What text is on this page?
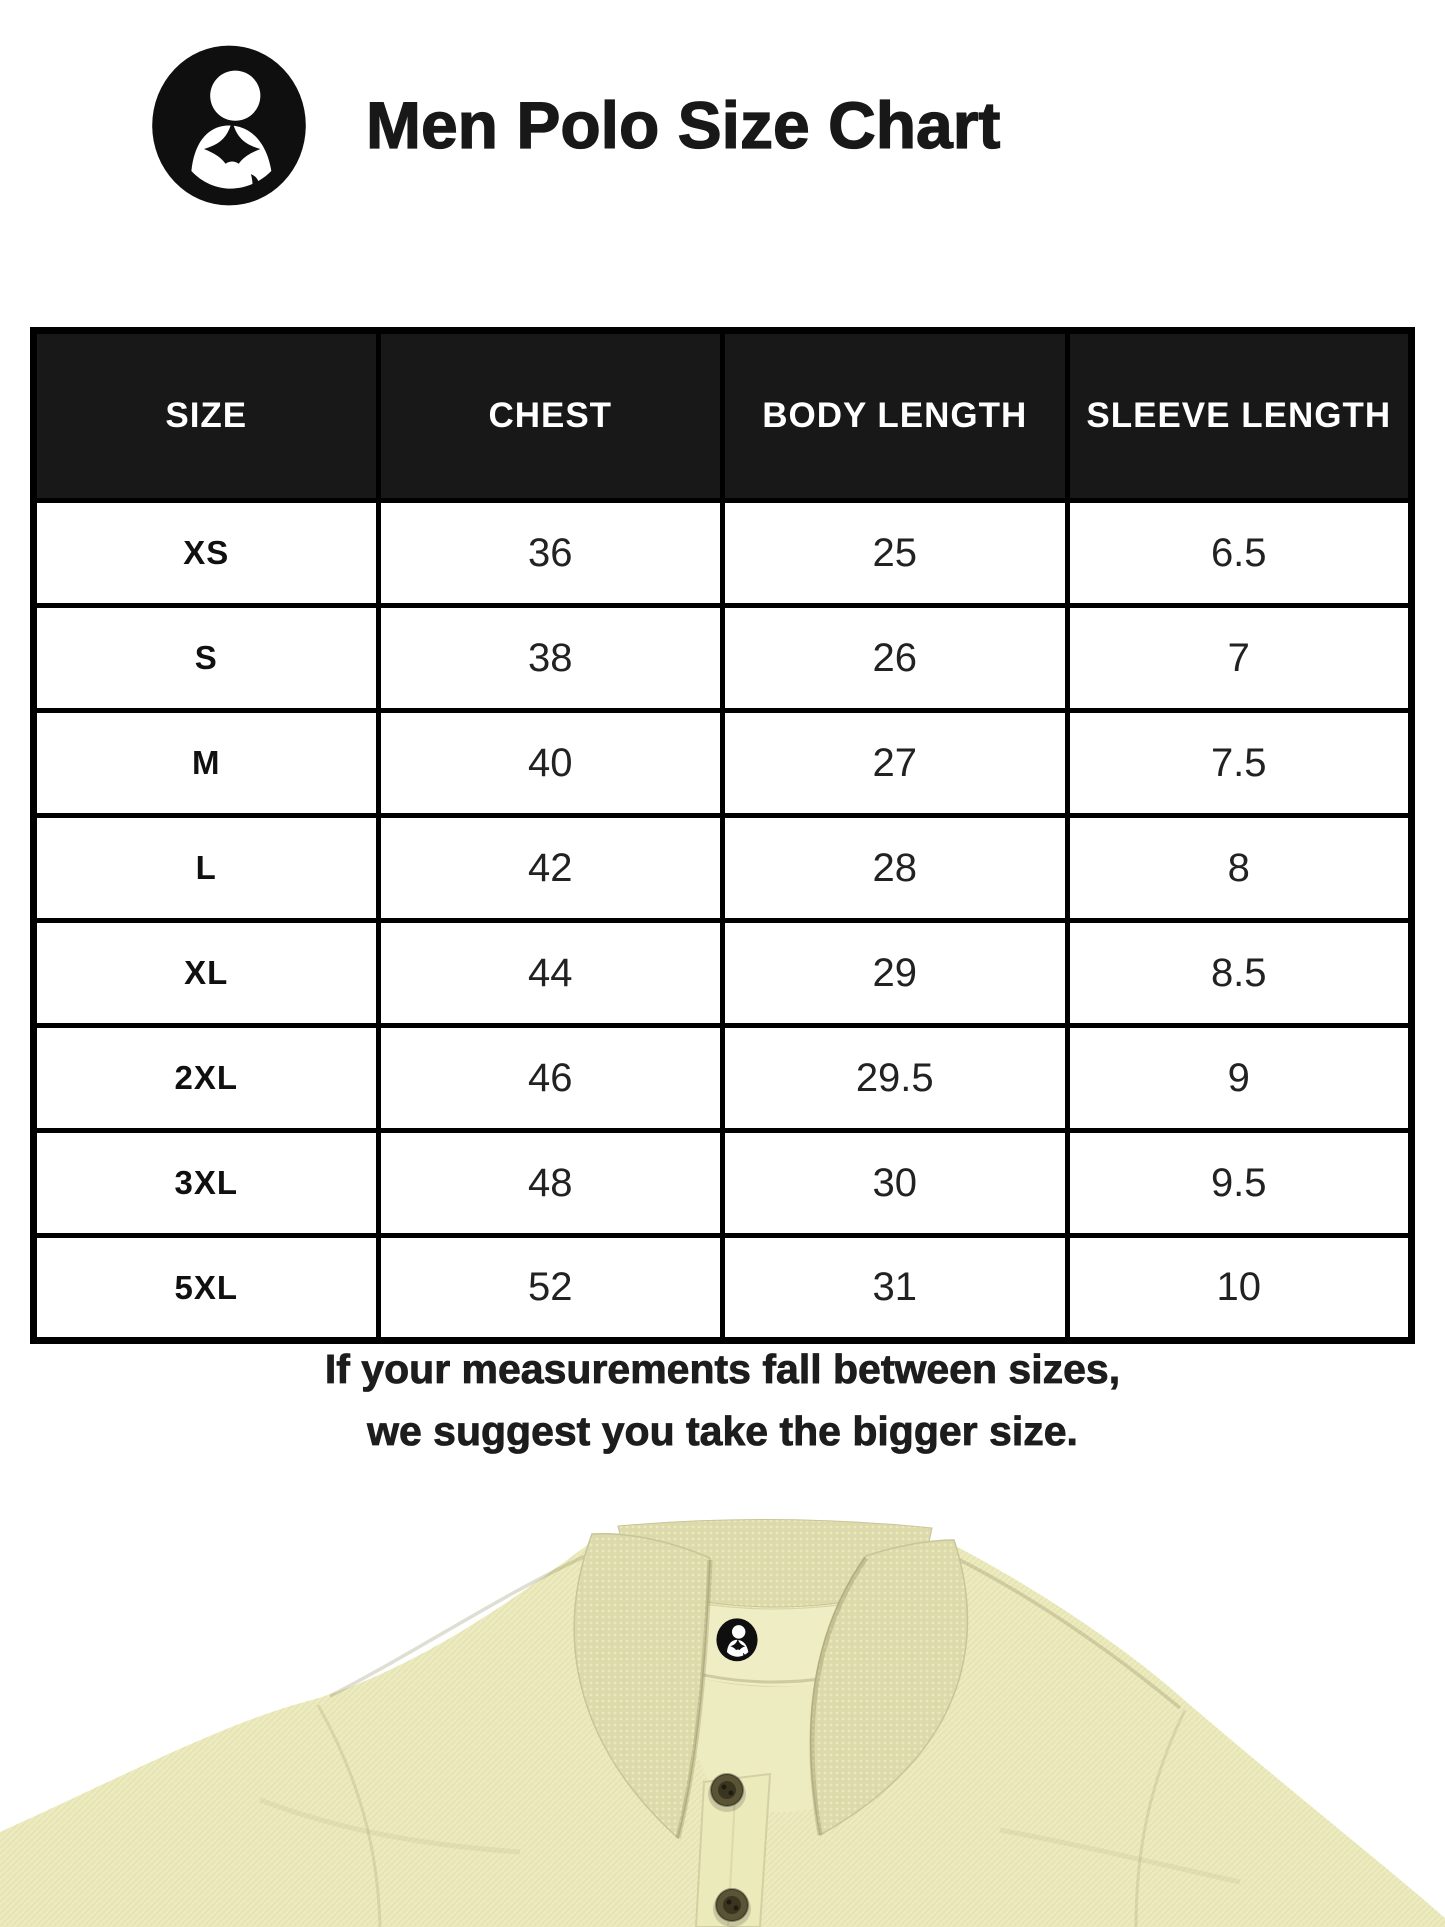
Men Polo Size Chart
SIZE	CHEST	BODY LENGTH	SLEEVE LENGTH
XS	36	25	6.5
S	38	26	7
M	40	27	7.5
L	42	28	8
XL	44	29	8.5
2XL	46	29.5	9
3XL	48	30	9.5
5XL	52	31	10
If your measurements fall between sizes,
we suggest you take the bigger size.
